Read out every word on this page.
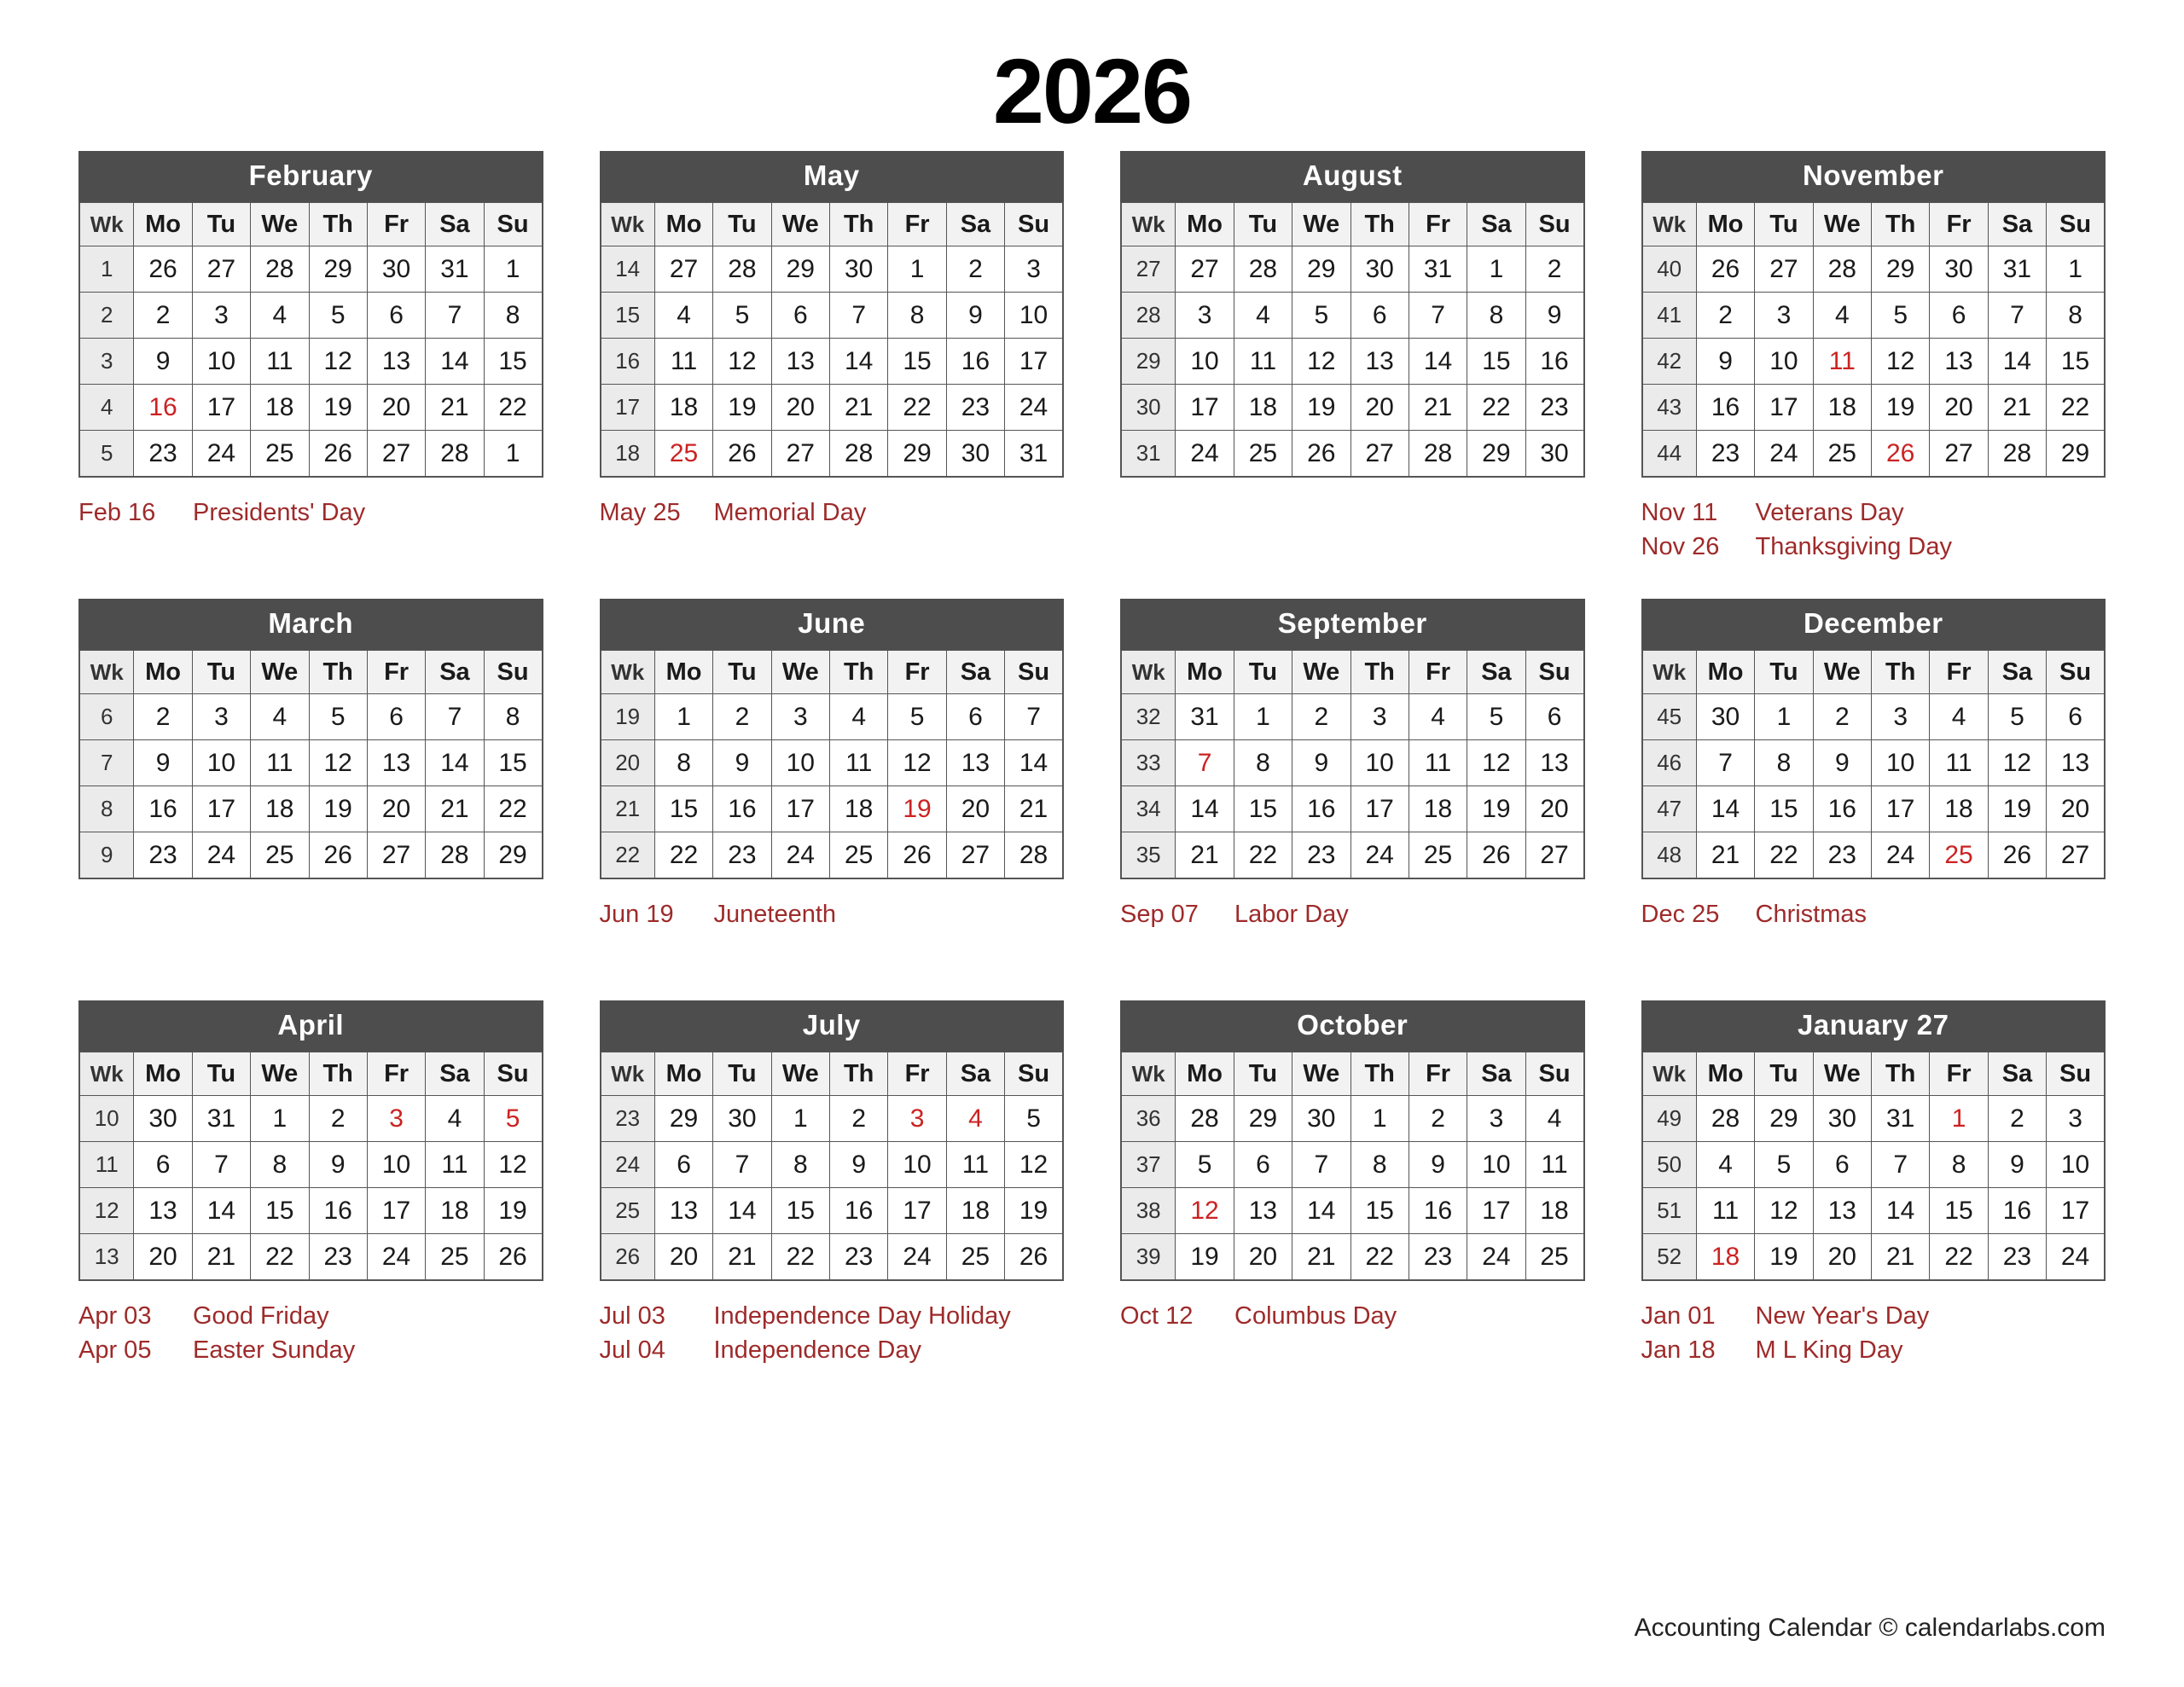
2026
February
Wk	Mo	Tu	We	Th	Fr	Sa	Su
1	26	27	28	29	30	31	1
2	2	3	4	5	6	7	8
3	9	10	11	12	13	14	15
4	16	17	18	19	20	21	22
5	23	24	25	26	27	28	1
Feb 16	Presidents' Day
May
Wk	Mo	Tu	We	Th	Fr	Sa	Su
14	27	28	29	30	1	2	3
15	4	5	6	7	8	9	10
16	11	12	13	14	15	16	17
17	18	19	20	21	22	23	24
18	25	26	27	28	29	30	31
May 25	Memorial Day
August
Wk	Mo	Tu	We	Th	Fr	Sa	Su
27	27	28	29	30	31	1	2
28	3	4	5	6	7	8	9
29	10	11	12	13	14	15	16
30	17	18	19	20	21	22	23
31	24	25	26	27	28	29	30
November
Wk	Mo	Tu	We	Th	Fr	Sa	Su
40	26	27	28	29	30	31	1
41	2	3	4	5	6	7	8
42	9	10	11	12	13	14	15
43	16	17	18	19	20	21	22
44	23	24	25	26	27	28	29
Nov 11	Veterans Day
Nov 26	Thanksgiving Day
March
Wk	Mo	Tu	We	Th	Fr	Sa	Su
6	2	3	4	5	6	7	8
7	9	10	11	12	13	14	15
8	16	17	18	19	20	21	22
9	23	24	25	26	27	28	29
June
Wk	Mo	Tu	We	Th	Fr	Sa	Su
19	1	2	3	4	5	6	7
20	8	9	10	11	12	13	14
21	15	16	17	18	19	20	21
22	22	23	24	25	26	27	28
Jun 19	Juneteenth
September
Wk	Mo	Tu	We	Th	Fr	Sa	Su
32	31	1	2	3	4	5	6
33	7	8	9	10	11	12	13
34	14	15	16	17	18	19	20
35	21	22	23	24	25	26	27
Sep 07	Labor Day
December
Wk	Mo	Tu	We	Th	Fr	Sa	Su
45	30	1	2	3	4	5	6
46	7	8	9	10	11	12	13
47	14	15	16	17	18	19	20
48	21	22	23	24	25	26	27
Dec 25	Christmas
April
Wk	Mo	Tu	We	Th	Fr	Sa	Su
10	30	31	1	2	3	4	5
11	6	7	8	9	10	11	12
12	13	14	15	16	17	18	19
13	20	21	22	23	24	25	26
Apr 03	Good Friday
Apr 05	Easter Sunday
July
Wk	Mo	Tu	We	Th	Fr	Sa	Su
23	29	30	1	2	3	4	5
24	6	7	8	9	10	11	12
25	13	14	15	16	17	18	19
26	20	21	22	23	24	25	26
Jul 03	Independence Day Holiday
Jul 04	Independence Day
October
Wk	Mo	Tu	We	Th	Fr	Sa	Su
36	28	29	30	1	2	3	4
37	5	6	7	8	9	10	11
38	12	13	14	15	16	17	18
39	19	20	21	22	23	24	25
Oct 12	Columbus Day
January 27
Wk	Mo	Tu	We	Th	Fr	Sa	Su
49	28	29	30	31	1	2	3
50	4	5	6	7	8	9	10
51	11	12	13	14	15	16	17
52	18	19	20	21	22	23	24
Jan 01	New Year's Day
Jan 18	M L King Day
Accounting Calendar © calendarlabs.com
